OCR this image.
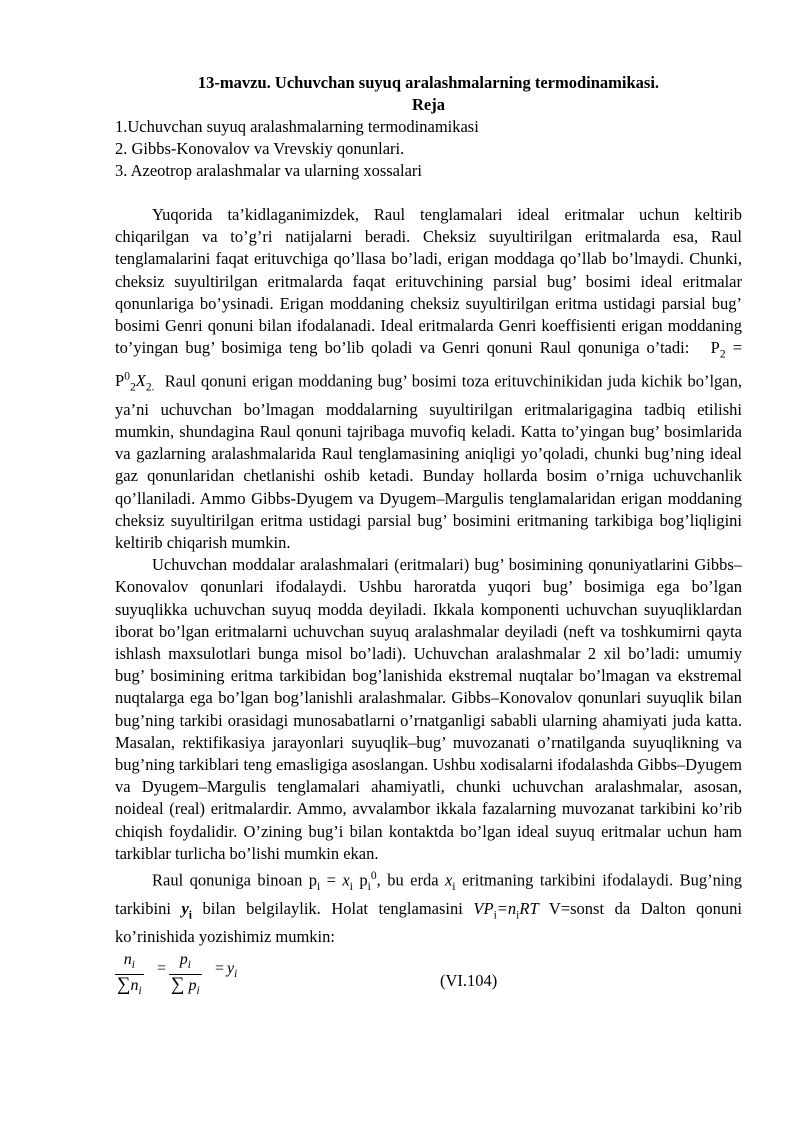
13-mavzu. Uchuvchan suyuq aralashmalarning termodinamikasi.
Reja
1.Uchuvchan suyuq aralashmalarning termodinamikasi
2. Gibbs-Konovalov va Vrevskiy qonunlari.
3. Azeotrop aralashmalar va ularning xossalari

Yuqorida ta’kidlaganimizdek, Raul tenglamalari ideal eritmalar uchun keltirib chiqarilgan va to’g’ri natijalarni beradi. Cheksiz suyultirilgan eritmalarda esa, Raul tenglamalarini faqat erituvchiga qo’llasa bo’ladi, erigan moddaga qo’llab bo’lmaydi. Chunki, cheksiz suyultirilgan eritmalarda faqat erituvchining parsial bug’ bosimi ideal eritmalar qonunlariga bo’ysinadi. Erigan moddaning cheksiz suyultirilgan eritma ustidagi parsial bug’ bosimi Genri qonuni bilan ifodalanadi. Ideal eritmalarda Genri koeffisienti erigan moddaning to’yingan bug’ bosimiga teng bo’lib qoladi va Genri qonuni Raul qonuniga o’tadi: $P_2 = P^0_2X_{2.}$ Raul qonuni erigan moddaning bug’ bosimi toza erituvchinikidan juda kichik bo’lgan, ya’ni uchuvchan bo’lmagan moddalarning suyultirilgan eritmalarigagina tadbiq etilishi mumkin, shundagina Raul qonuni tajribaga muvofiq keladi. Katta to’yingan bug’ bosimlarida va gazlarning aralashmalarida Raul tenglamasining aniqligi yo’qoladi, chunki bug’ning ideal gaz qonunlaridan chetlanishi oshib ketadi. Bunday hollarda bosim o’rniga uchuvchanlik qo’llaniladi. Ammo Gibbs-Dyugem va Dyugem–Margulis tenglamalaridan erigan moddaning cheksiz suyultirilgan eritma ustidagi parsial bug’ bosimini eritmaning tarkibiga bog’liqligini keltirib chiqarish mumkin.

Uchuvchan moddalar aralashmalari (eritmalari) bug’ bosimining qonuniyatlarini Gibbs–Konovalov qonunlari ifodalaydi. Ushbu haroratda yuqori bug’ bosimiga ega bo’lgan suyuqlikka uchuvchan suyuq modda deyiladi. Ikkala komponenti uchuvchan suyuqliklardan iborat bo’lgan eritmalarni uchuvchan suyuq aralashmalar deyiladi (neft va toshkumirni qayta ishlash maxsulotlari bunga misol bo’ladi). Uchuvchan aralashmalar 2 xil bo’ladi: umumiy bug’ bosimining eritma tarkibidan bog’lanishida ekstremal nuqtalar bo’lmagan va ekstremal nuqtalarga ega bo’lgan bog’lanishli aralashmalar. Gibbs–Konovalov qonunlari suyuqlik bilan bug’ning tarkibi orasidagi munosabatlarni o’rnatganligi sababli ularning ahamiyati juda katta. Masalan, rektifikasiya jarayonlari suyuqlik–bug’ muvozanati o’rnatilganda suyuqlikning va bug’ning tarkiblari teng emasligiga asoslangan. Ushbu xodisalarni ifodalashda Gibbs–Dyugem va Dyugem–Margulis tenglamalari ahamiyatli, chunki uchuvchan aralashmalar, asosan, noideal (real) eritmalardir. Ammo, avvalambor ikkala fazalarning muvozanat tarkibini ko’rib chiqish foydalidir. O’zining bug’i bilan kontaktda bo’lgan ideal suyuq eritmalar uchun ham tarkiblar turlicha bo’lishi mumkin ekan.

Raul qonuniga binoan $p_i = x_i$ $p_i^0$, bu erda $x_i$ eritmaning tarkibini ifodalaydi. Bug’ning tarkibini $y_i$ bilan belgilaylik. Holat tenglamasini $VP_i=n_iRT$ V=sonst da Dalton qonuni ko’rinishida yozishimiz mumkin:

$\frac{n_i}{\sum n_i} = \frac{p_i}{\sum p_i} = y_i$	(VI.104)
